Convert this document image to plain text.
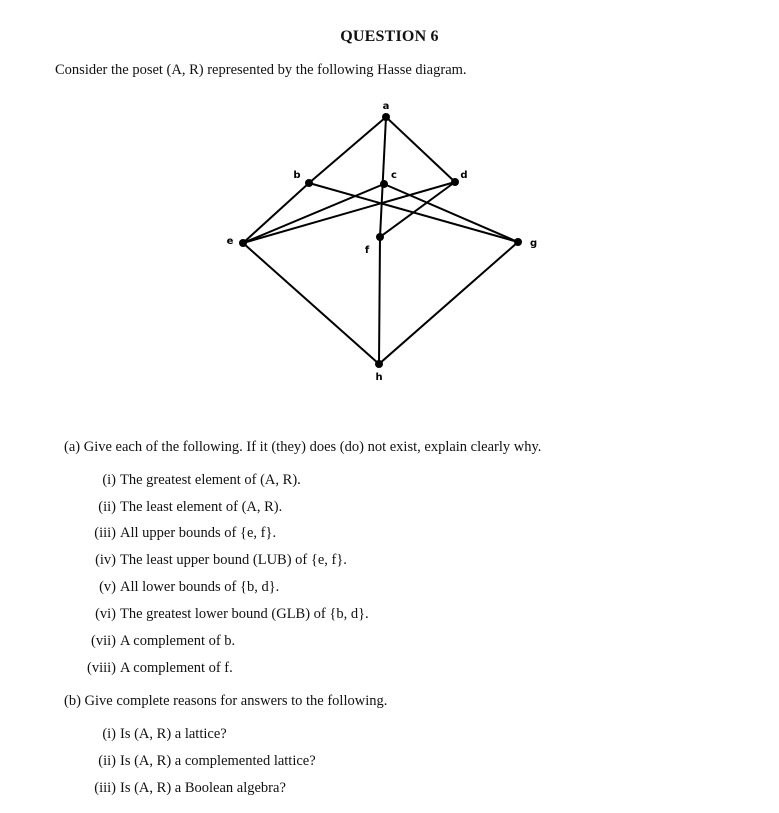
QUESTION 6
Consider the poset (A, R) represented by the following Hasse diagram.
a
b	c	d
e
f
g
h
(a) Give each of the following. If it (they) does (do) not exist, explain clearly why.
(i) The greatest element of (A, R).
(ii) The least element of (A, R).
(iii) All upper bounds of {e, f}.
(iv) The least upper bound (LUB) of {e, f}.
(v) All lower bounds of {b, d}.
(vi) The greatest lower bound (GLB) of {b, d}.
(vii) A complement of b.
(viii) A complement of f.
(b) Give complete reasons for answers to the following.
(i) Is (A, R) a lattice?
(ii) Is (A, R) a complemented lattice?
(iii) Is (A, R) a Boolean algebra?
